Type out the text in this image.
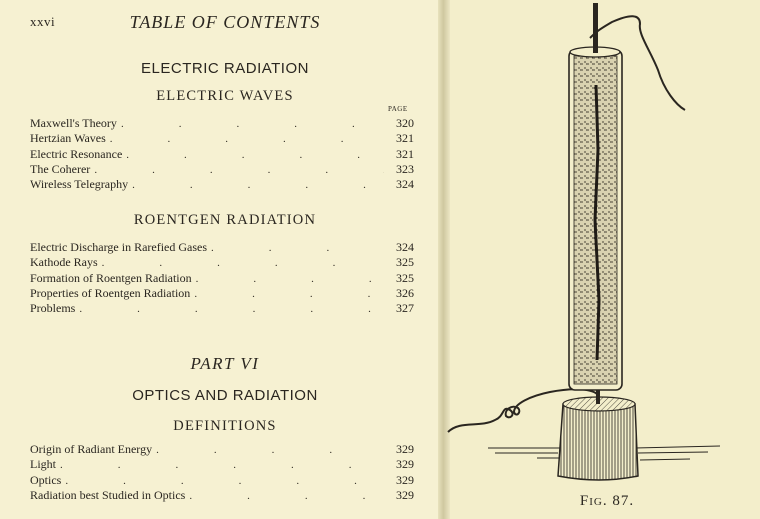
xxvi	TABLE OF CONTENTS
ELECTRIC RADIATION
ELECTRIC WAVES
PAGE
Maxwell's Theory .	320
Hertzian Waves .	321
Electric Resonance .	321
The Coherer .	323
Wireless Telegraphy .	324
ROENTGEN RADIATION
Electric Discharge in Rarefied Gases .	324
Kathode Rays .	325
Formation of Roentgen Radiation .	325
Properties of Roentgen Radiation .	326
Problems .	327
PART VI
OPTICS AND RADIATION
DEFINITIONS
Origin of Radiant Energy .	329
Light .	329
Optics .	329
Radiation best Studied in Optics .	329	Fig. 87.
